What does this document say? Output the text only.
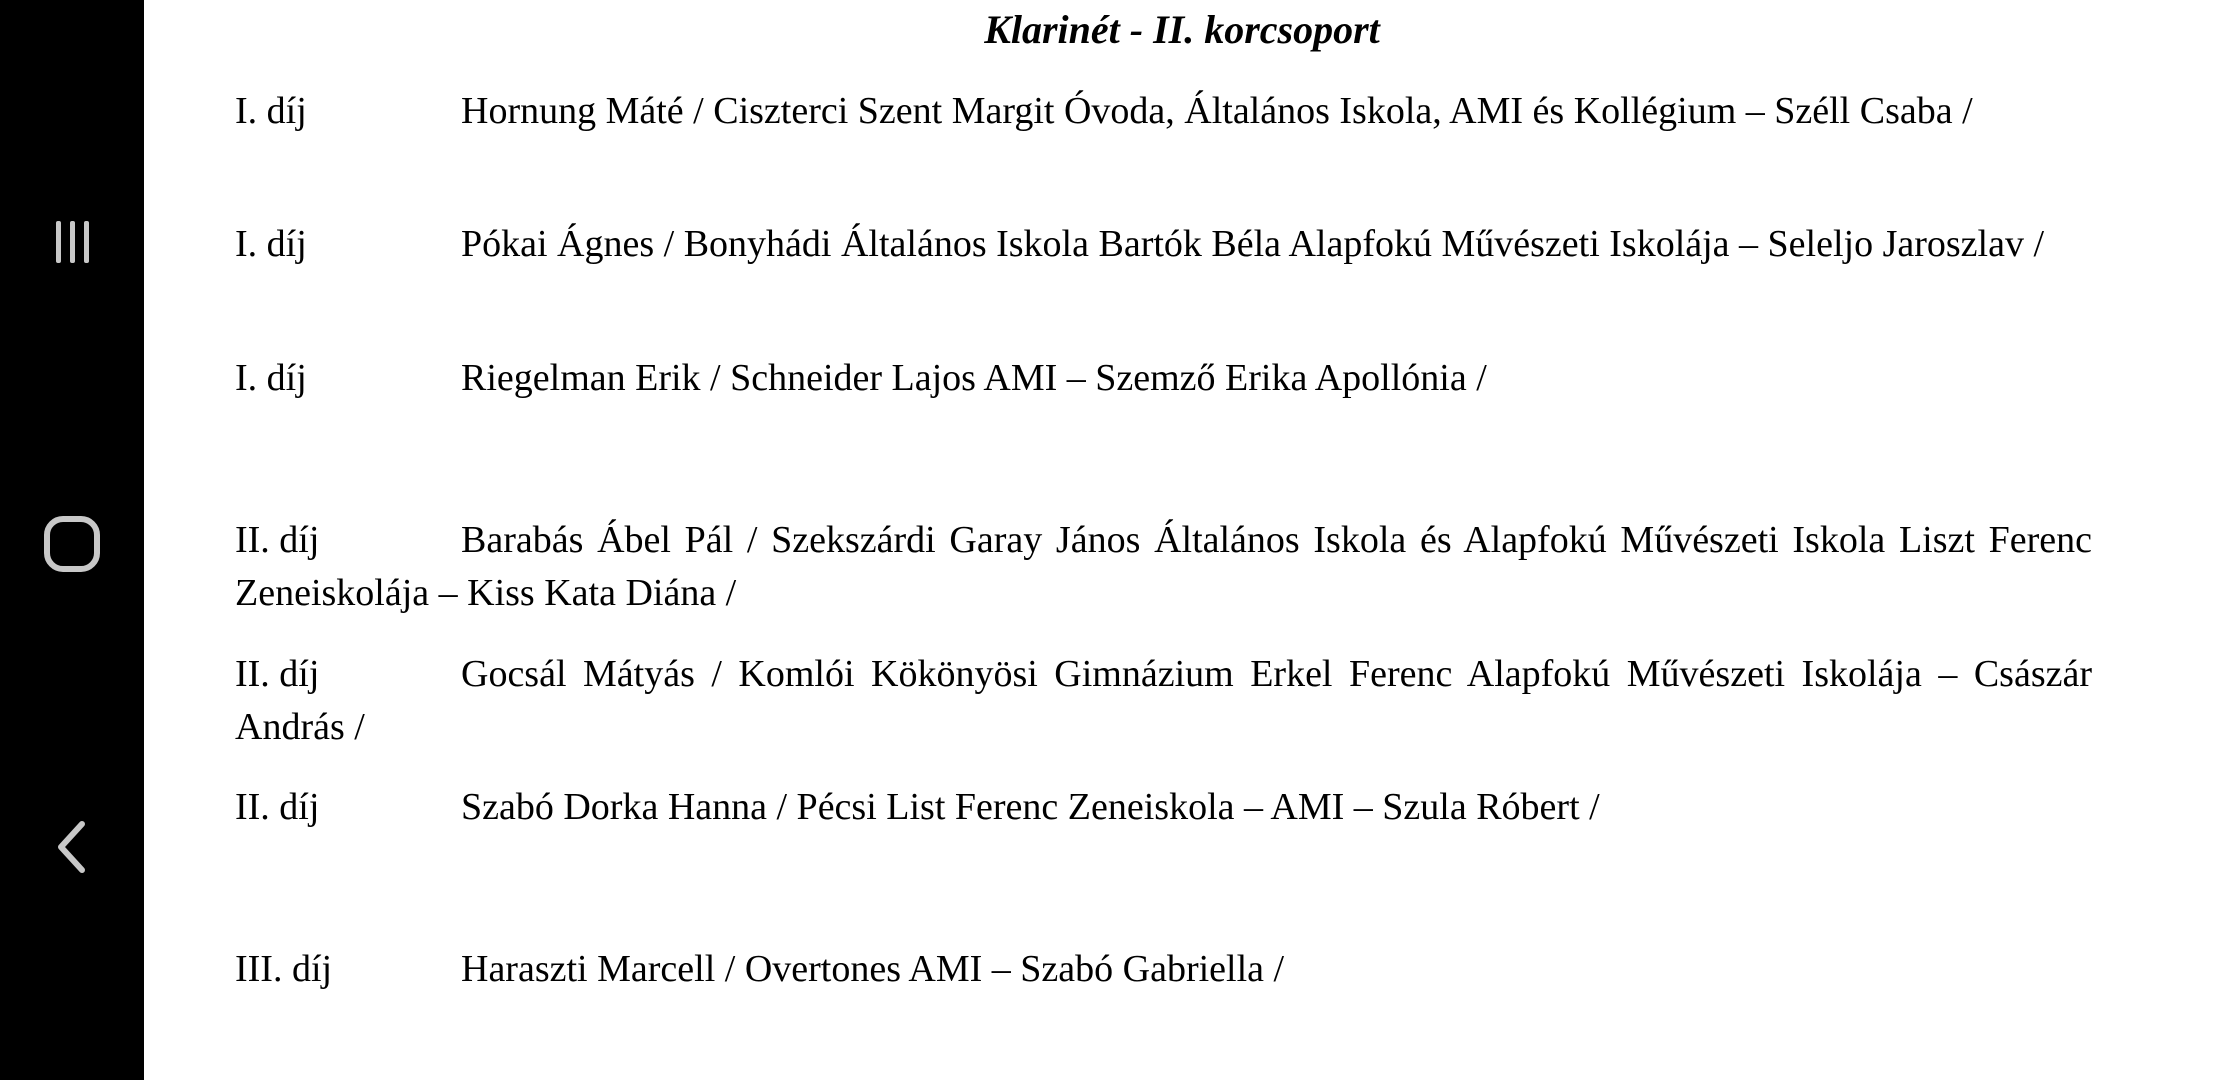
Klarinét - II. korcsoport
I. díj	Hornung Máté / Ciszterci Szent Margit Óvoda, Általános Iskola, AMI és Kollégium – Széll Csaba /
I. díj	Pókai Ágnes / Bonyhádi Általános Iskola Bartók Béla Alapfokú Művészeti Iskolája – Seleljo Jaroszlav /
I. díj	Riegelman Erik / Schneider Lajos AMI – Szemző Erika Apollónia /
II. díj	Barabás Ábel Pál / Szekszárdi Garay János Általános Iskola és Alapfokú Művészeti Iskola Liszt Ferenc Zeneiskolája – Kiss Kata Diána /
II. díj	Gocsál Mátyás / Komlói Kökönyösi Gimnázium Erkel Ferenc Alapfokú Művészeti Iskolája – Császár András /
II. díj	Szabó Dorka Hanna / Pécsi List Ferenc Zeneiskola – AMI – Szula Róbert /
III. díj	Haraszti Marcell / Overtones AMI – Szabó Gabriella /
